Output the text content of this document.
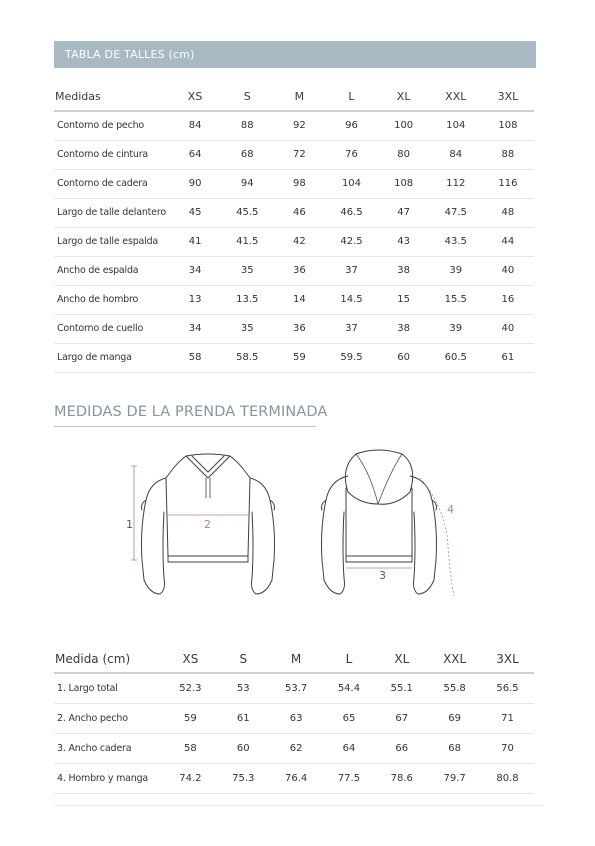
TABLA DE TALLES (cm)
Medidas	XS	S	M	L	XL	XXL	3XL
Contorno de pecho	84	88	92	96	100	104	108
Contorno de cintura	64	68	72	76	80	84	88
Contorno de cadera	90	94	98	104	108	112	116
Largo de talle delantero	45	45.5	46	46.5	47	47.5	48
Largo de talle espalda	41	41.5	42	42.5	43	43.5	44
Ancho de espalda	34	35	36	37	38	39	40
Ancho de hombro	13	13.5	14	14.5	15	15.5	16
Contorno de cuello	34	35	36	37	38	39	40
Largo de manga	58	58.5	59	59.5	60	60.5	61
MEDIDAS DE LA PRENDA TERMINADA
1	2
3
4
Medida (cm)	XS	S	M	L	XL	XXL	3XL
1. Largo total	52.3	53	53.7	54.4	55.1	55.8	56.5
2. Ancho pecho	59	61	63	65	67	69	71
3. Ancho cadera	58	60	62	64	66	68	70
4. Hombro y manga	74.2	75.3	76.4	77.5	78.6	79.7	80.8
